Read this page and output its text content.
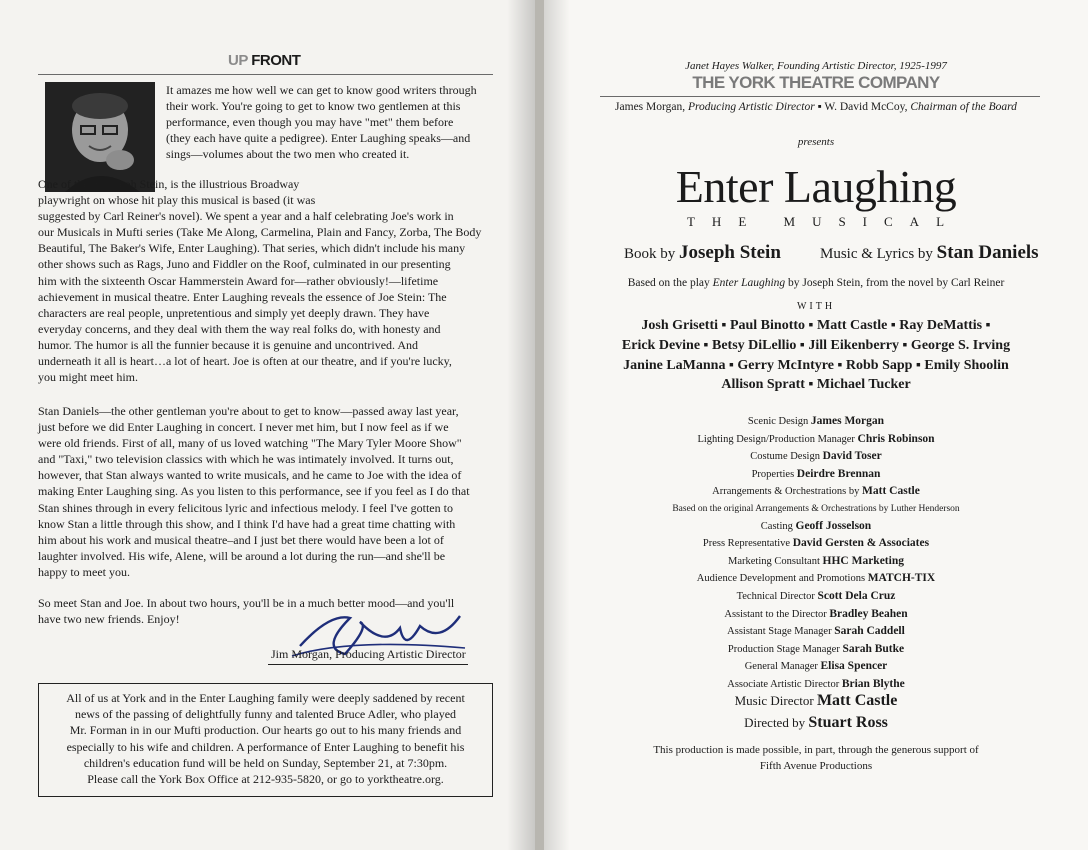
UP FRONT
It amazes me how well we can get to know good writers through
their work. You're going to get to know two gentlemen at this
performance, even though you may have "met" them before
(they each have quite a pedigree). Enter Laughing speaks—and
sings—volumes about the two men who created it.
One of them, Joseph Stein, is the illustrious Broadway
playwright on whose hit play this musical is based (it was
suggested by Carl Reiner's novel). We spent a year and a half celebrating Joe's work in
our Musicals in Mufti series (Take Me Along, Carmelina, Plain and Fancy, Zorba, The Body
Beautiful, The Baker's Wife, Enter Laughing). That series, which didn't include his many
other shows such as Rags, Juno and Fiddler on the Roof, culminated in our presenting
him with the sixteenth Oscar Hammerstein Award for—rather obviously!—lifetime
achievement in musical theatre. Enter Laughing reveals the essence of Joe Stein: The
characters are real people, unpretentious and simply yet deeply drawn. They have
everyday concerns, and they deal with them the way real folks do, with honesty and
humor. The humor is all the funnier because it is genuine and uncontrived. And
underneath it all is heart…a lot of heart. Joe is often at our theatre, and if you're lucky,
you might meet him.
Stan Daniels—the other gentleman you're about to get to know—passed away last year,
just before we did Enter Laughing in concert. I never met him, but I now feel as if we
were old friends. First of all, many of us loved watching "The Mary Tyler Moore Show"
and "Taxi," two television classics with which he was intimately involved. It turns out,
however, that Stan always wanted to write musicals, and he came to Joe with the idea of
making Enter Laughing sing. As you listen to this performance, see if you feel as I do that
Stan shines through in every felicitous lyric and infectious melody. I feel I've gotten to
know Stan a little through this show, and I think I'd have had a great time chatting with
him about his work and musical theatre–and I just bet there would have been a lot of
laughter involved. His wife, Alene, will be around a lot during the run—and she'll be
happy to meet you.
So meet Stan and Joe. In about two hours, you'll be in a much better mood—and you'll
have two new friends. Enjoy!
Jim Morgan, Producing Artistic Director
All of us at York and in the Enter Laughing family were deeply saddened by recent
news of the passing of delightfully funny and talented Bruce Adler, who played
Mr. Forman in in our Mufti production. Our hearts go out to his many friends and
especially to his wife and children. A performance of Enter Laughing to benefit his
children's education fund will be held on Sunday, September 21, at 7:30pm.
Please call the York Box Office at 212-935-5820, or go to yorktheatre.org.
Janet Hayes Walker, Founding Artistic Director, 1925-1997
THE YORK THEATRE COMPANY
James Morgan, Producing Artistic Director ▪ W. David McCoy, Chairman of the Board
presents
Enter Laughing
THE MUSICAL
Book by Joseph Stein	Music & Lyrics by Stan Daniels
Based on the play Enter Laughing by Joseph Stein, from the novel by Carl Reiner
WITH
Josh Grisetti ▪ Paul Binotto ▪ Matt Castle ▪ Ray DeMattis ▪
Erick Devine ▪ Betsy DiLellio ▪ Jill Eikenberry ▪ George S. Irving
Janine LaManna ▪ Gerry McIntyre ▪ Robb Sapp ▪ Emily Shoolin
Allison Spratt ▪ Michael Tucker
Scenic Design James Morgan
Lighting Design/Production Manager Chris Robinson
Costume Design David Toser
Properties Deirdre Brennan
Arrangements & Orchestrations by Matt Castle
Based on the original Arrangements & Orchestrations by Luther Henderson
Casting Geoff Josselson
Press Representative David Gersten & Associates
Marketing Consultant HHC Marketing
Audience Development and Promotions MATCH-TIX
Technical Director Scott Dela Cruz
Assistant to the Director Bradley Beahen
Assistant Stage Manager Sarah Caddell
Production Stage Manager Sarah Butke
General Manager Elisa Spencer
Associate Artistic Director Brian Blythe
Music Director Matt Castle
Directed by Stuart Ross
This production is made possible, in part, through the generous support of
Fifth Avenue Productions
